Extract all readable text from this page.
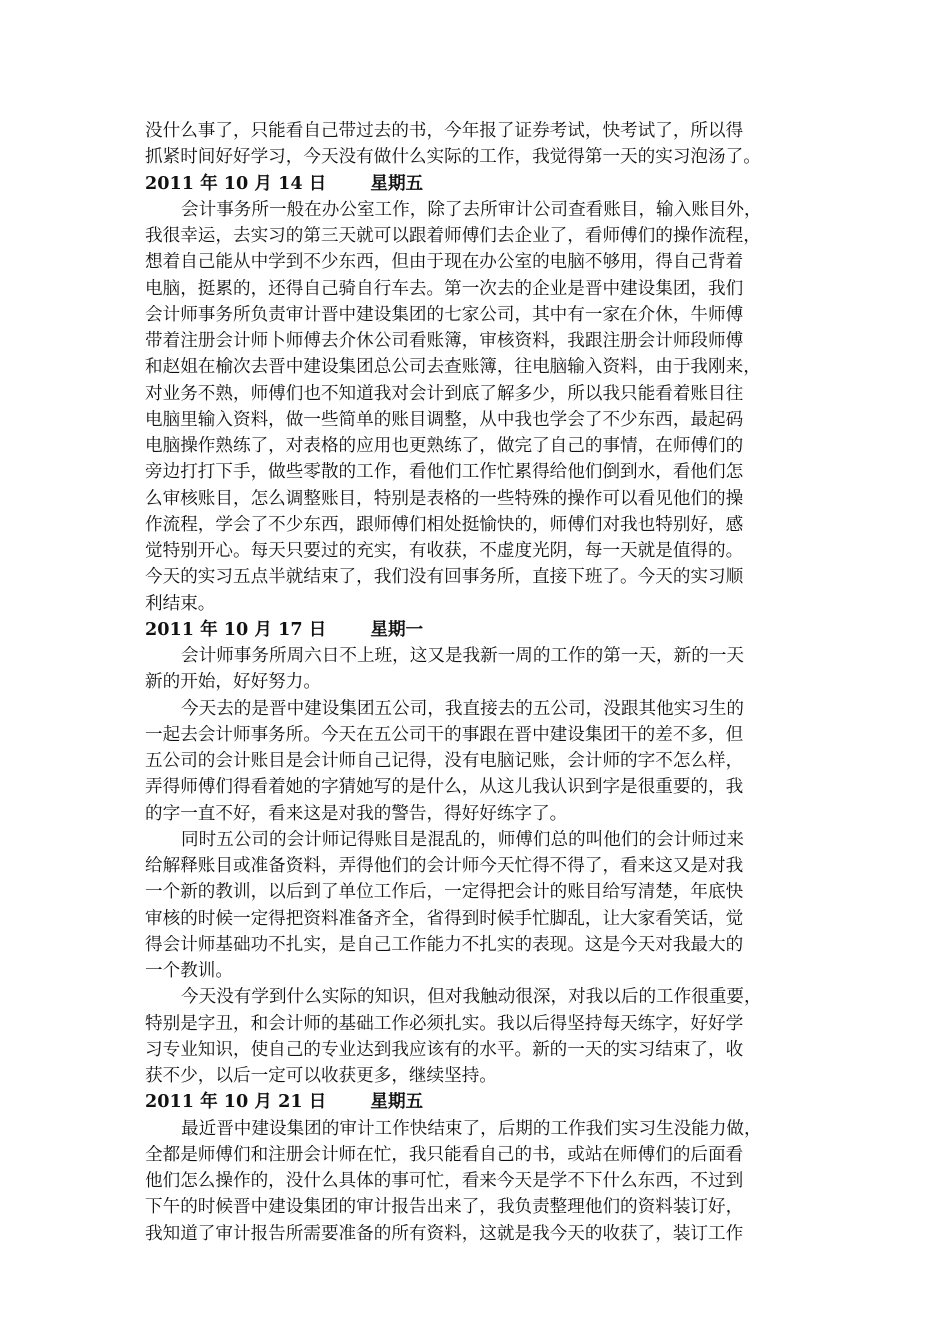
没什么事了，只能看自己带过去的书，今年报了证券考试，快考试了，所以得
抓紧时间好好学习，今天没有做什么实际的工作，我觉得第一天的实习泡汤了。
2011 年 10 月 14 日	星期五
会计事务所一般在办公室工作，除了去所审计公司查看账目，输入账目外，
我很幸运，去实习的第三天就可以跟着师傅们去企业了，看师傅们的操作流程，
想着自己能从中学到不少东西，但由于现在办公室的电脑不够用，得自己背着
电脑，挺累的，还得自己骑自行车去。第一次去的企业是晋中建设集团，我们
会计师事务所负责审计晋中建设集团的七家公司，其中有一家在介休，牛师傅
带着注册会计师卜师傅去介休公司看账簿，审核资料，我跟注册会计师段师傅
和赵姐在榆次去晋中建设集团总公司去查账簿，往电脑输入资料，由于我刚来，
对业务不熟，师傅们也不知道我对会计到底了解多少，所以我只能看着账目往
电脑里输入资料，做一些简单的账目调整，从中我也学会了不少东西，最起码
电脑操作熟练了，对表格的应用也更熟练了，做完了自己的事情，在师傅们的
旁边打打下手，做些零散的工作，看他们工作忙累得给他们倒到水，看他们怎
么审核账目，怎么调整账目，特别是表格的一些特殊的操作可以看见他们的操
作流程，学会了不少东西，跟师傅们相处挺愉快的，师傅们对我也特别好，感
觉特别开心。每天只要过的充实，有收获，不虚度光阴，每一天就是值得的。
今天的实习五点半就结束了，我们没有回事务所，直接下班了。今天的实习顺
利结束。
2011 年 10 月 17 日	星期一
会计师事务所周六日不上班，这又是我新一周的工作的第一天，新的一天
新的开始，好好努力。
今天去的是晋中建设集团五公司，我直接去的五公司，没跟其他实习生的
一起去会计师事务所。今天在五公司干的事跟在晋中建设集团干的差不多，但
五公司的会计账目是会计师自己记得，没有电脑记账，会计师的字不怎么样，
弄得师傅们得看着她的字猜她写的是什么，从这儿我认识到字是很重要的，我
的字一直不好，看来这是对我的警告，得好好练字了。
同时五公司的会计师记得账目是混乱的，师傅们总的叫他们的会计师过来
给解释账目或准备资料，弄得他们的会计师今天忙得不得了，看来这又是对我
一个新的教训，以后到了单位工作后，一定得把会计的账目给写清楚，年底快
审核的时候一定得把资料准备齐全，省得到时候手忙脚乱，让大家看笑话，觉
得会计师基础功不扎实，是自己工作能力不扎实的表现。这是今天对我最大的
一个教训。
今天没有学到什么实际的知识，但对我触动很深，对我以后的工作很重要，
特别是字丑，和会计师的基础工作必须扎实。我以后得坚持每天练字，好好学
习专业知识，使自己的专业达到我应该有的水平。新的一天的实习结束了，收
获不少，以后一定可以收获更多，继续坚持。
2011 年 10 月 21 日	星期五
最近晋中建设集团的审计工作快结束了，后期的工作我们实习生没能力做，
全都是师傅们和注册会计师在忙，我只能看自己的书，或站在师傅们的后面看
他们怎么操作的，没什么具体的事可忙，看来今天是学不下什么东西，不过到
下午的时候晋中建设集团的审计报告出来了，我负责整理他们的资料装订好，
我知道了审计报告所需要准备的所有资料，这就是我今天的收获了，装订工作
